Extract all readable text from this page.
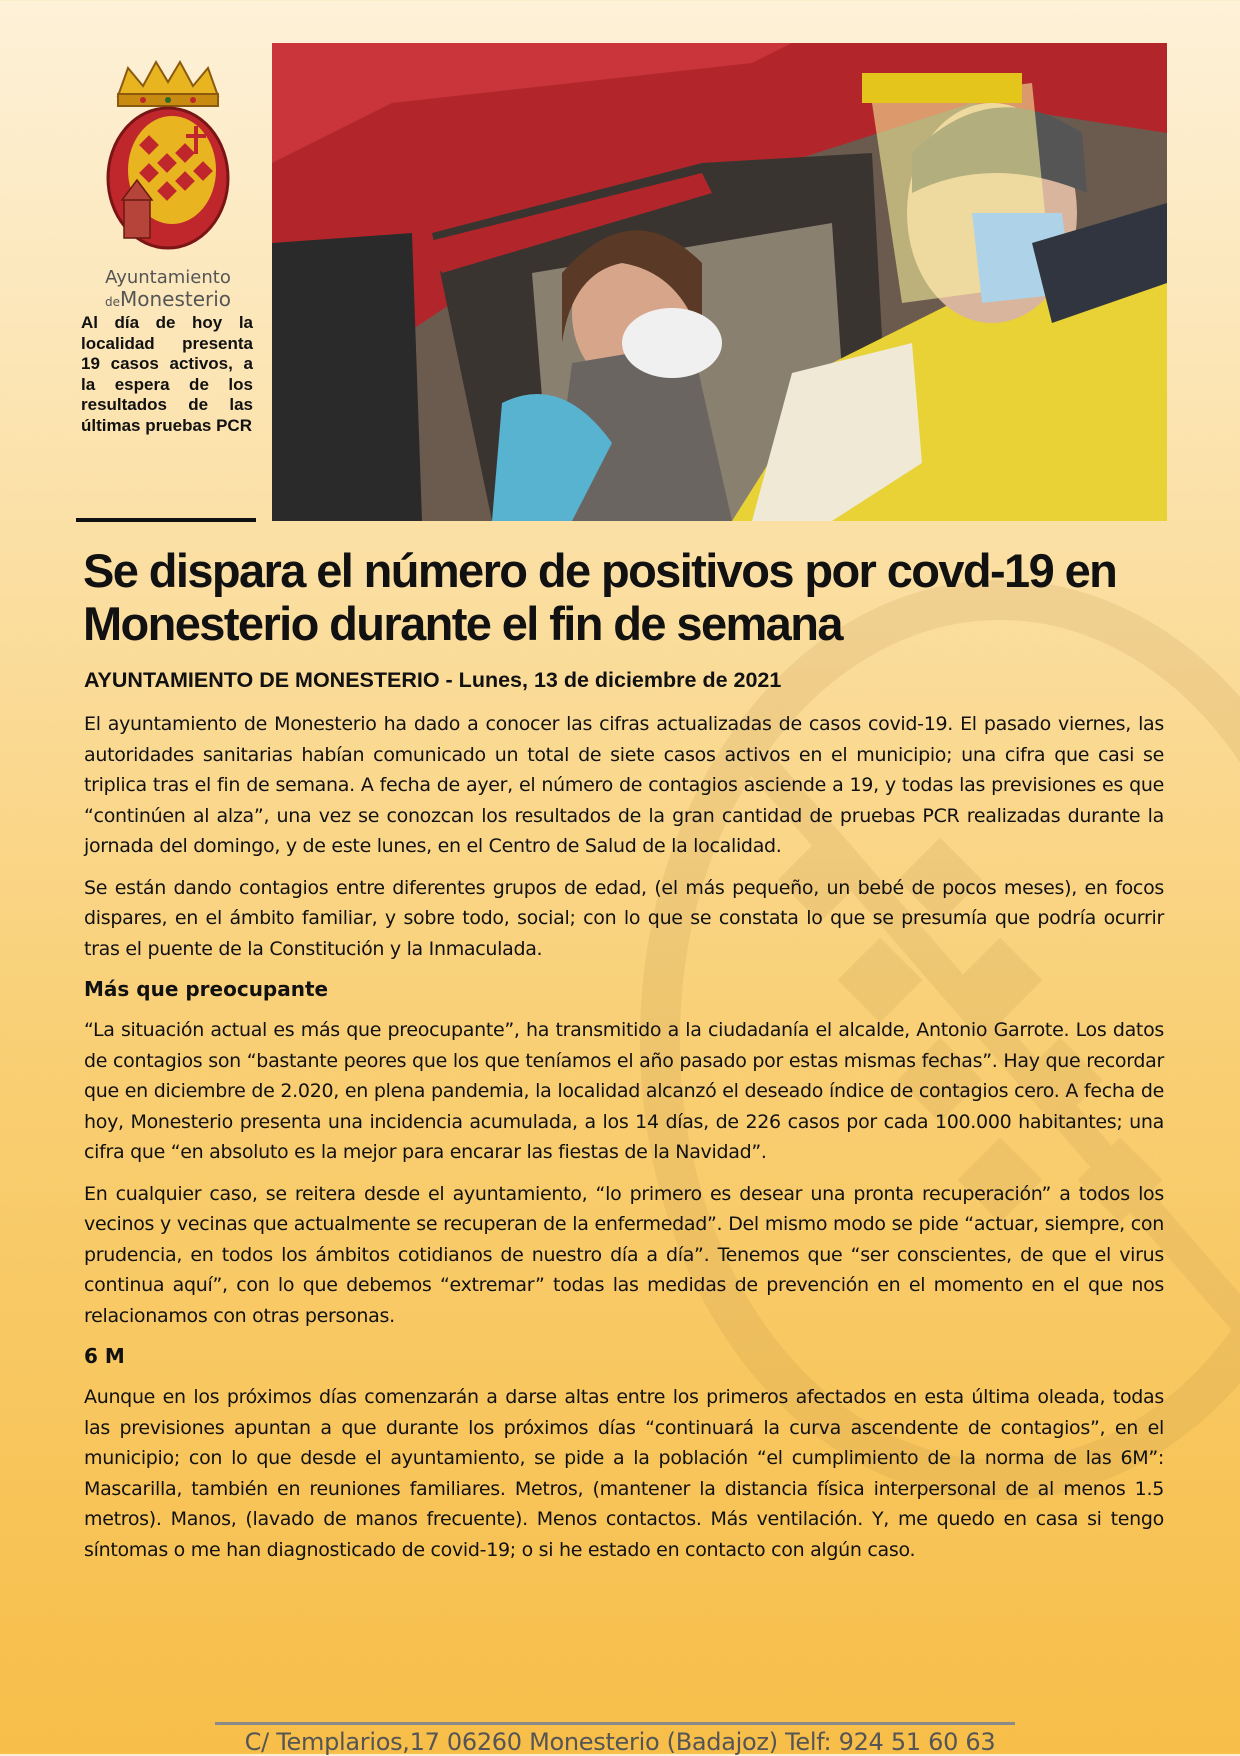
Ayuntamiento
deMonesterio
Al día de hoy la localidad presenta 19 casos activos, a la espera de los resultados de las últimas pruebas PCR
Se dispara el número de positivos por covd-19 en Monesterio durante el fin de semana
AYUNTAMIENTO DE MONESTERIO - Lunes, 13 de diciembre de 2021

El ayuntamiento de Monesterio ha dado a conocer las cifras actualizadas de casos covid-19. El pasado viernes, las autoridades sanitarias habían comunicado un total de siete casos activos en el municipio; una cifra que casi se triplica tras el fin de semana. A fecha de ayer, el número de contagios asciende a 19, y todas las previsiones es que “continúen al alza”, una vez se conozcan los resultados de la gran cantidad de pruebas PCR realizadas durante la jornada del domingo, y de este lunes, en el Centro de Salud de la localidad.

Se están dando contagios entre diferentes grupos de edad, (el más pequeño, un bebé de pocos meses), en focos dispares, en el ámbito familiar, y sobre todo, social; con lo que se constata lo que se presumía que podría ocurrir tras el puente de la Constitución y la Inmaculada.

Más que preocupante

“La situación actual es más que preocupante”, ha transmitido a la ciudadanía el alcalde, Antonio Garrote. Los datos de contagios son “bastante peores que los que teníamos el año pasado por estas mismas fechas”. Hay que recordar que en diciembre de 2.020, en plena pandemia, la localidad alcanzó el deseado índice de contagios cero. A fecha de hoy, Monesterio presenta una incidencia acumulada, a los 14 días, de 226 casos por cada 100.000 habitantes; una cifra que “en absoluto es la mejor para encarar las fiestas de la Navidad”.

En cualquier caso, se reitera desde el ayuntamiento, “lo primero es desear una pronta recuperación” a todos los vecinos y vecinas que actualmente se recuperan de la enfermedad”. Del mismo modo se pide “actuar, siempre, con prudencia, en todos los ámbitos cotidianos de nuestro día a día”. Tenemos que “ser conscientes, de que el virus continua aquí”, con lo que debemos “extremar” todas las medidas de prevención en el momento en el que nos relacionamos con otras personas.

6 M

Aunque en los próximos días comenzarán a darse altas entre los primeros afectados en esta última oleada, todas las previsiones apuntan a que durante los próximos días “continuará la curva ascendente de contagios”, en el municipio; con lo que desde el ayuntamiento, se pide a la población “el cumplimiento de la norma de las 6M”: Mascarilla, también en reuniones familiares. Metros, (mantener la distancia física interpersonal de al menos 1.5 metros). Manos, (lavado de manos frecuente). Menos contactos. Más ventilación. Y, me quedo en casa si tengo síntomas o me han diagnosticado de covid-19; o si he estado en contacto con algún caso.

C/ Templarios,17 06260 Monesterio (Badajoz) Telf: 924 51 60 63
